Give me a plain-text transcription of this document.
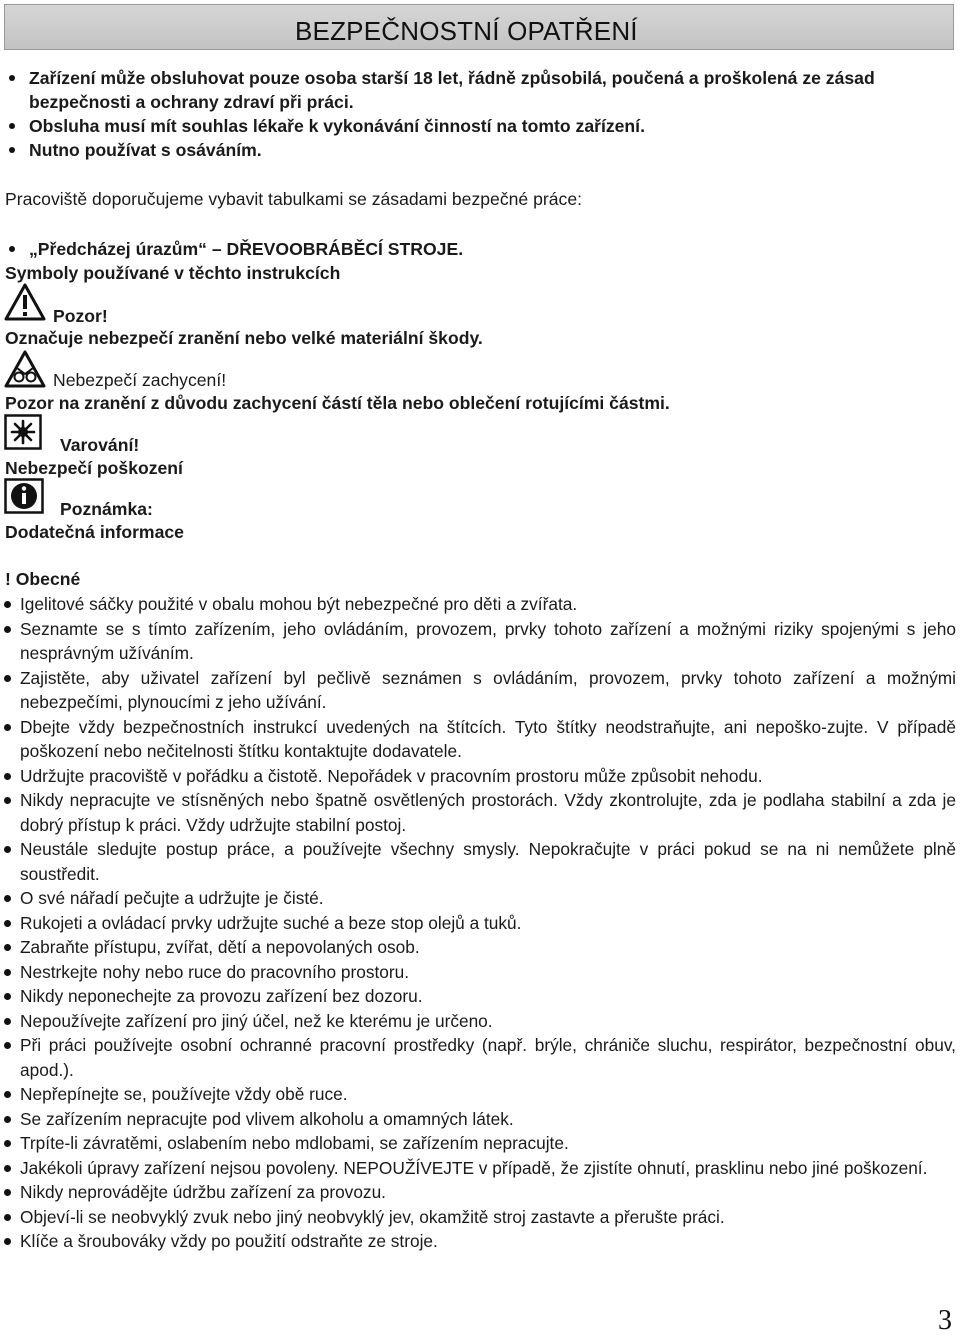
BEZPEČNOSTNÍ OPATŘENÍ
Zařízení může obsluhovat pouze osoba starší 18 let, řádně způsobilá, poučená a proškolená ze zásad bezpečnosti a ochrany zdraví při práci.
Obsluha musí mít souhlas lékaře k vykonávání činností na tomto zařízení.
Nutno používat s osáváním.
Pracoviště doporučujeme vybavit tabulkami se zásadami bezpečné práce:
„Předcházej úrazům“ – DŘEVOOBRÁBĚCÍ STROJE.
Symboly používané v těchto instrukcích
Pozor!
Označuje nebezpečí zranění nebo velké materiální škody.
Nebezpečí zachycení!
Pozor na zranění z důvodu zachycení částí těla nebo oblečení rotujícími částmi.
Varování!
Nebezpečí poškození
Poznámka:
Dodatečná informace
! Obecné
Igelitové sáčky použité v obalu mohou být nebezpečné pro děti a zvířata.
Seznamte se s tímto zařízením, jeho ovládáním, provozem, prvky tohoto zařízení a možnými riziky spojenými s jeho nesprávným užíváním.
Zajistěte, aby uživatel zařízení byl pečlivě seznámen s ovládáním, provozem, prvky tohoto zařízení a možnými nebezpečími, plynoucími z jeho užívání.
Dbejte vždy bezpečnostních instrukcí uvedených na štítcích. Tyto štítky neodstraňujte, ani nepoško-zujte. V případě poškození nebo nečitelnosti štítku kontaktujte dodavatele.
Udržujte pracoviště v pořádku a čistotě. Nepořádek v pracovním prostoru může způsobit nehodu.
Nikdy nepracujte ve stísněných nebo špatně osvětlených prostorách. Vždy zkontrolujte, zda je podlaha stabilní a zda je dobrý přístup k práci. Vždy udržujte stabilní postoj.
Neustále sledujte postup práce, a používejte všechny smysly. Nepokračujte v práci pokud se na ni nemůžete plně soustředit.
O své nářadí pečujte a udržujte je čisté.
Rukojeti a ovládací prvky udržujte suché a beze stop olejů a tuků.
Zabraňte přístupu, zvířat, dětí a nepovolaných osob.
Nestrkejte nohy nebo ruce do pracovního prostoru.
Nikdy neponechejte za provozu zařízení bez dozoru.
Nepoužívejte zařízení pro jiný účel, než ke kterému je určeno.
Při práci používejte osobní ochranné pracovní prostředky (např. brýle, chrániče sluchu, respirátor, bezpečnostní obuv, apod.).
Nepřepínejte se, používejte vždy obě ruce.
Se zařízením nepracujte pod vlivem alkoholu a omamných látek.
Trpíte-li závratěmi, oslabením nebo mdlobami, se zařízením nepracujte.
Jakékoli úpravy zařízení nejsou povoleny. NEPOUŽÍVEJTE v případě, že zjistíte ohnutí, prasklinu nebo jiné poškození.
Nikdy neprovádějte údržbu zařízení za provozu.
Objeví-li se neobvyklý zvuk nebo jiný neobvyklý jev, okamžitě stroj zastavte a přerušte práci.
Klíče a šroubováky vždy po použití odstraňte ze stroje.
3
